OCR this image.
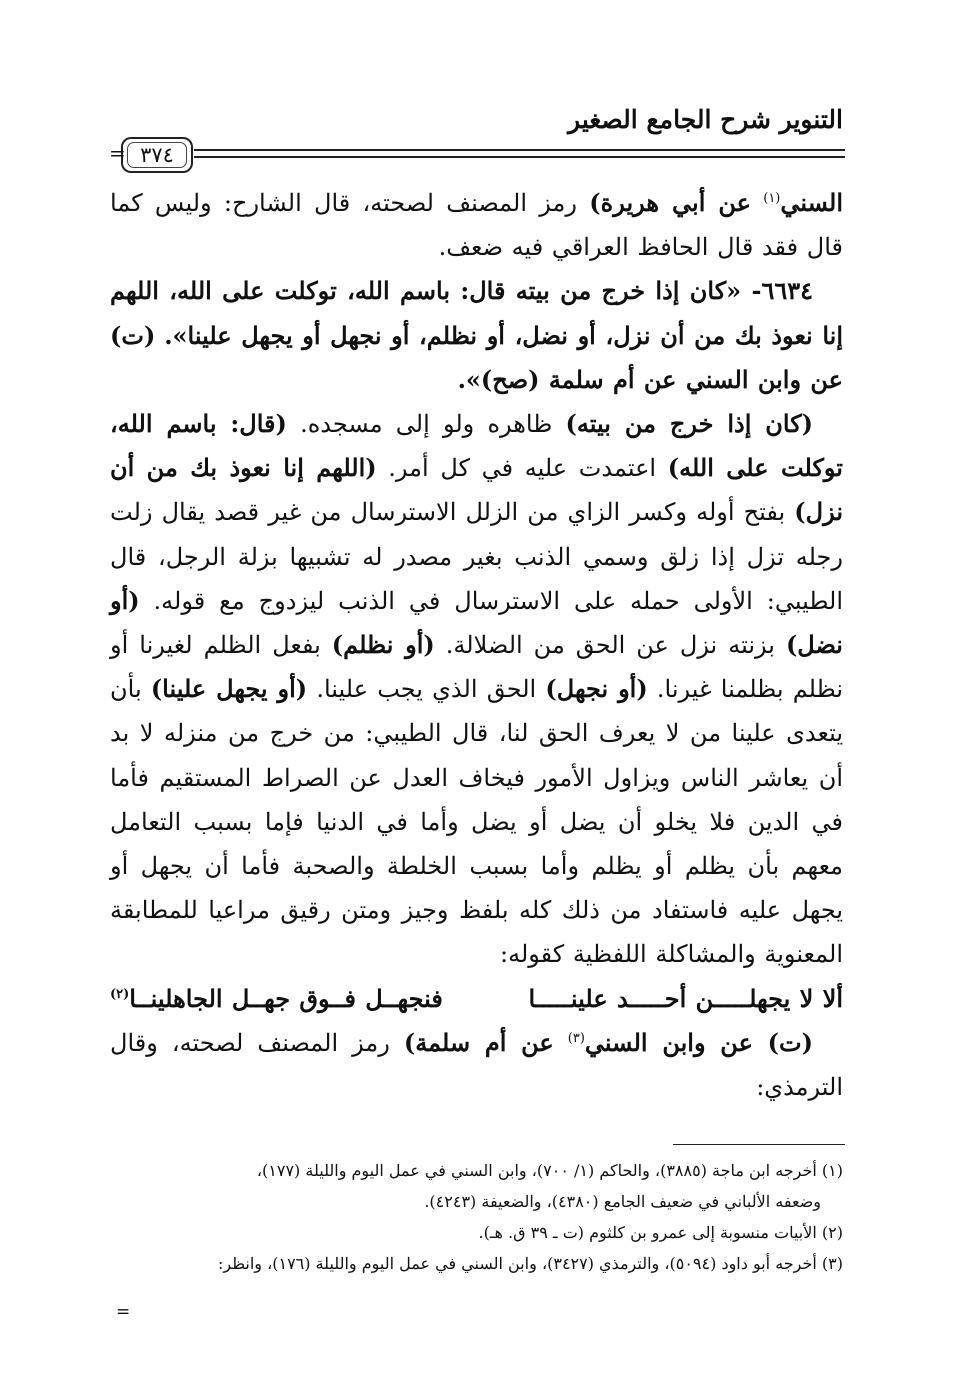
التنوير شرح الجامع الصغير
٣٧٤
=

السني$^{(١)}$ عن أبي هريرة) رمز المصنف لصحته، قال الشارح: وليس كما قال فقد قال الحافظ العراقي فيه ضعف.

٦٦٣٤- «كان إذا خرج من بيته قال: باسم الله، توكلت على الله، اللهم إنا نعوذ بك من أن نزل، أو نضل، أو نظلم، أو نجهل أو يجهل علينا». (ت) عن وابن السني عن أم سلمة (صح)».

(كان إذا خرج من بيته) ظاهره ولو إلى مسجده. (قال: باسم الله، توكلت على الله) اعتمدت عليه في كل أمر. (اللهم إنا نعوذ بك من أن نزل) بفتح أوله وكسر الزاي من الزلل الاسترسال من غير قصد يقال زلت رجله تزل إذا زلق وسمي الذنب بغير مصدر له تشبيها بزلة الرجل، قال الطيبي: الأولى حمله على الاسترسال في الذنب ليزدوج مع قوله. (أو نضل) بزنته نزل عن الحق من الضلالة. (أو نظلم) بفعل الظلم لغيرنا أو نظلم بظلمنا غيرنا. (أو نجهل) الحق الذي يجب علينا. (أو يجهل علينا) بأن يتعدى علينا من لا يعرف الحق لنا، قال الطيبي: من خرج من منزله لا بد أن يعاشر الناس ويزاول الأمور فيخاف العدل عن الصراط المستقيم فأما في الدين فلا يخلو أن يضل أو يضل وأما في الدنيا فإما بسبب التعامل معهم بأن يظلم أو يظلم وأما بسبب الخلطة والصحبة فأما أن يجهل أو يجهل عليه فاستفاد من ذلك كله بلفظ وجيز ومتن رقيق مراعيا للمطابقة المعنوية والمشاكلة اللفظية كقوله:

ألا لا يجهلـــــن أحـــــد علينـــــا
فنجهــل فــوق جهــل الجاهلينــا$^{(٢)}$

(ت) عن وابن السني$^{(٣)}$ عن أم سلمة) رمز المصنف لصحته، وقال الترمذي:

(١) أخرجه ابن ماجة (٣٨٨٥)، والحاكم (١/ ٧٠٠)، وابن السني في عمل اليوم والليلة (١٧٧)،

وضعفه الألباني في ضعيف الجامع (٤٣٨٠)، والضعيفة (٤٢٤٣).

(٢) الأبيات منسوبة إلى عمرو بن كلثوم (ت ـ ٣٩ ق. هـ).

(٣) أخرجه أبو داود (٥٠٩٤)، والترمذي (٣٤٢٧)، وابن السني في عمل اليوم والليلة (١٧٦)، وانظر:

=
